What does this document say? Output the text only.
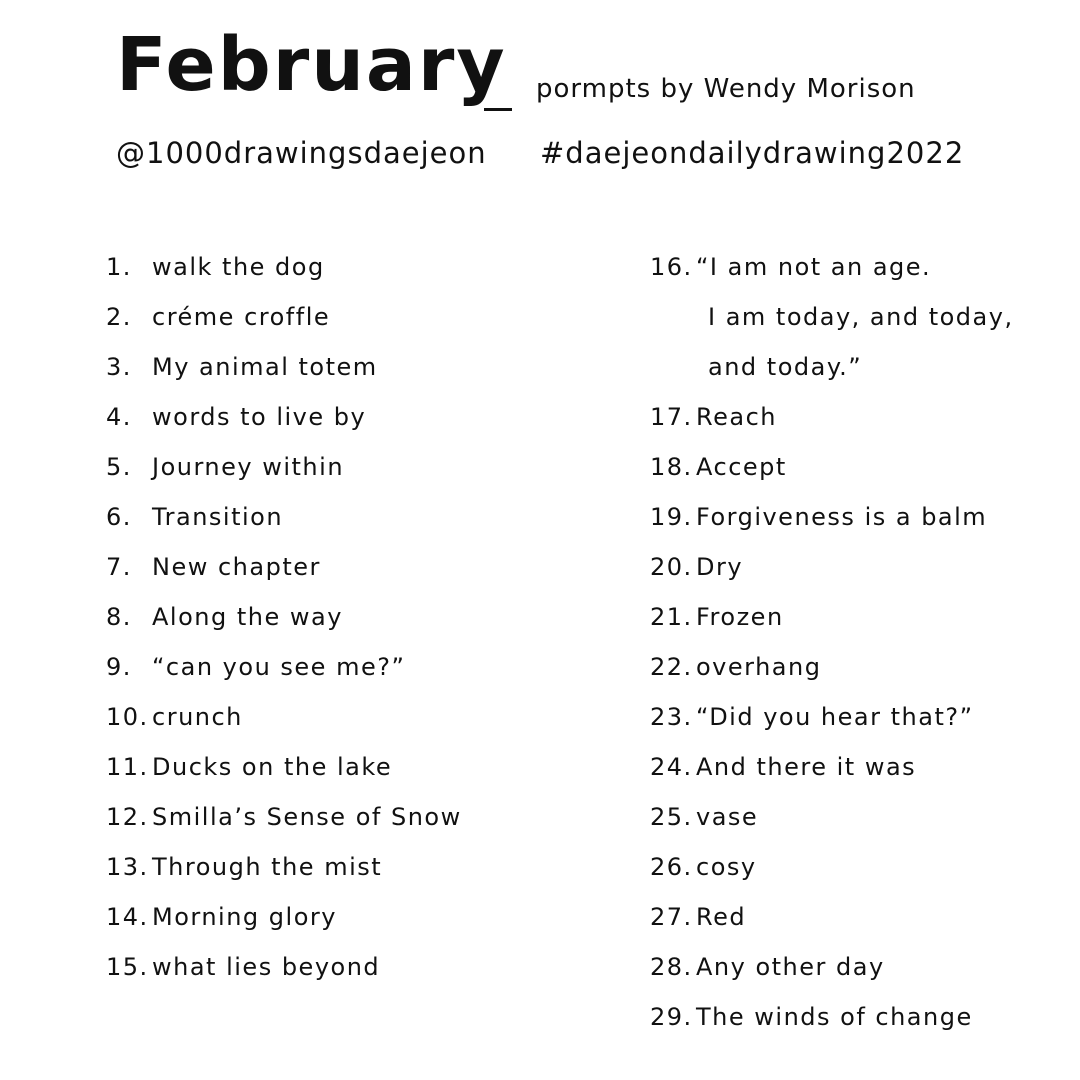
February pormpts by Wendy Morison
@1000drawingsdaejeon #daejeondailydrawing2022
1. walk the dog
2. créme croffle
3. My animal totem
4. words to live by
5. Journey within
6. Transition
7. New chapter
8. Along the way
9. “can you see me?”
10. crunch
11. Ducks on the lake
12. Smilla’s Sense of Snow
13. Through the mist
14. Morning glory
15. what lies beyond
16. “I am not an age.
I am today, and today,
and today.”
17. Reach
18. Accept
19. Forgiveness is a balm
20. Dry
21. Frozen
22. overhang
23. “Did you hear that?”
24. And there it was
25. vase
26. cosy
27. Red
28. Any other day
29. The winds of change
